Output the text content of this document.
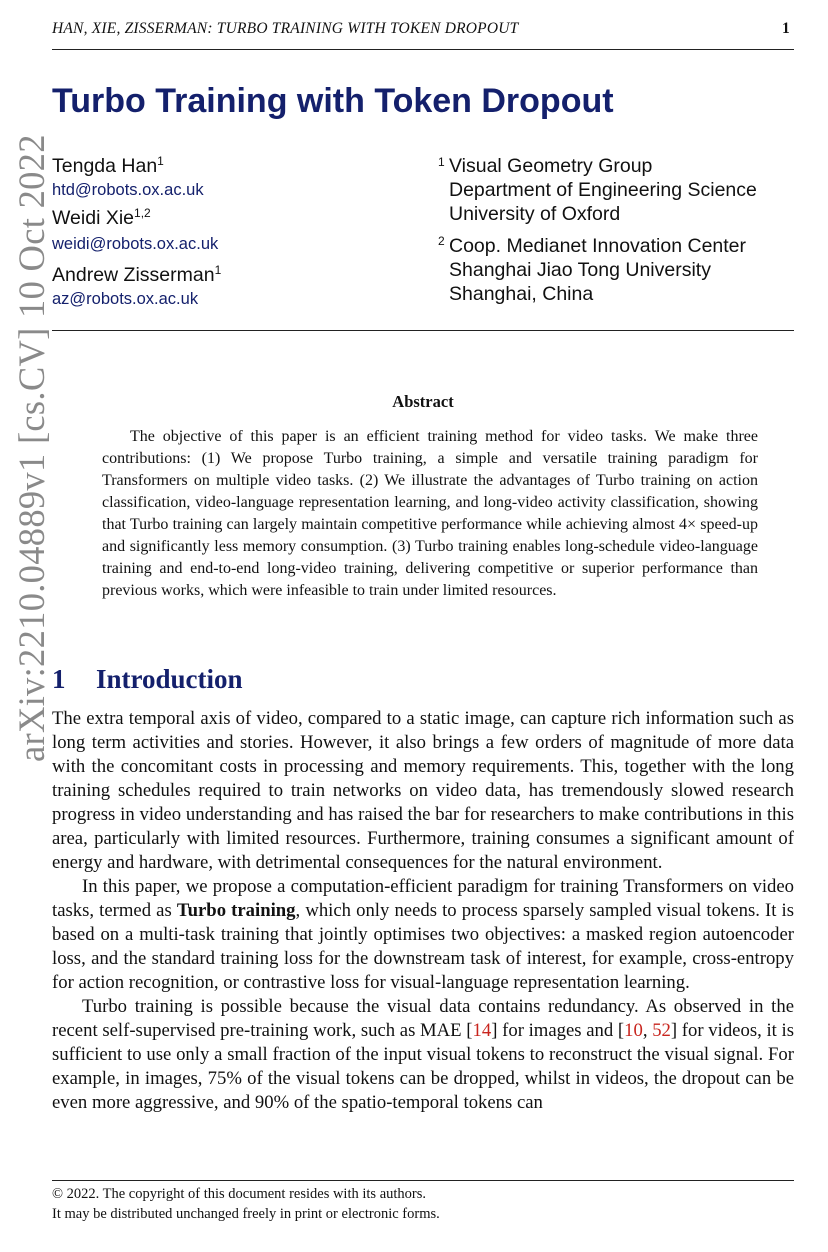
HAN, XIE, ZISSERMAN: TURBO TRAINING WITH TOKEN DROPOUT	1
arXiv:2210.04889v1 [cs.CV] 10 Oct 2022
Turbo Training with Token Dropout
Tengda Han$^1$
htd@robots.ox.ac.uk
Weidi Xie$^{1,2}$
weidi@robots.ox.ac.uk
Andrew Zisserman$^1$
az@robots.ox.ac.uk
1 Visual Geometry Group
Department of Engineering Science
University of Oxford
2 Coop. Medianet Innovation Center
Shanghai Jiao Tong University
Shanghai, China
Abstract
The objective of this paper is an efficient training method for video tasks. We make three contributions: (1) We propose Turbo training, a simple and versatile training paradigm for Transformers on multiple video tasks. (2) We illustrate the advantages of Turbo training on action classification, video-language representation learning, and long-video activity classification, showing that Turbo training can largely maintain competitive performance while achieving almost 4× speed-up and significantly less memory consumption. (3) Turbo training enables long-schedule video-language training and end-to-end long-video training, delivering competitive or superior performance than previous works, which were infeasible to train under limited resources.
1 Introduction

The extra temporal axis of video, compared to a static image, can capture rich information such as long term activities and stories. However, it also brings a few orders of magnitude of more data with the concomitant costs in processing and memory requirements. This, together with the long training schedules required to train networks on video data, has tremendously slowed research progress in video understanding and has raised the bar for researchers to make contributions in this area, particularly with limited resources. Furthermore, training consumes a significant amount of energy and hardware, with detrimental consequences for the natural environment.

In this paper, we propose a computation-efficient paradigm for training Transformers on video tasks, termed as Turbo training, which only needs to process sparsely sampled visual tokens. It is based on a multi-task training that jointly optimises two objectives: a masked region autoencoder loss, and the standard training loss for the downstream task of interest, for example, cross-entropy for action recognition, or contrastive loss for visual-language representation learning.

Turbo training is possible because the visual data contains redundancy. As observed in the recent self-supervised pre-training work, such as MAE [14] for images and [10, 52] for videos, it is sufficient to use only a small fraction of the input visual tokens to reconstruct the visual signal. For example, in images, 75% of the visual tokens can be dropped, whilst in videos, the dropout can be even more aggressive, and 90% of the spatio-temporal tokens can

© 2022. The copyright of this document resides with its authors.
It may be distributed unchanged freely in print or electronic forms.
